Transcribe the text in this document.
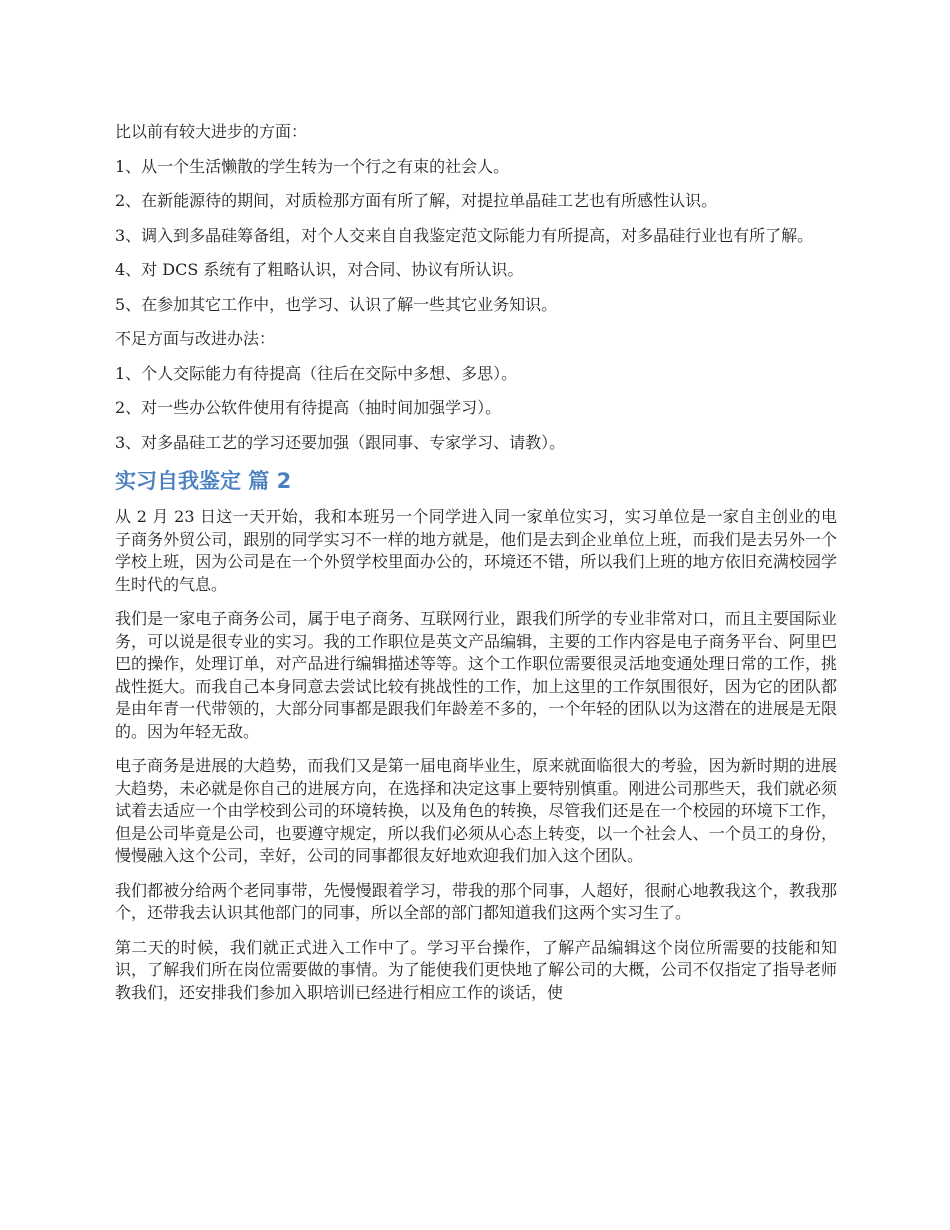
比以前有较大进步的方面：

1、从一个生活懒散的学生转为一个行之有束的社会人。

2、在新能源待的期间，对质检那方面有所了解，对提拉单晶硅工艺也有所感性认识。

3、调入到多晶硅筹备组，对个人交来自自我鉴定范文际能力有所提高，对多晶硅行业也有所了解。

4、对 DCS 系统有了粗略认识，对合同、协议有所认识。

5、在参加其它工作中，也学习、认识了解一些其它业务知识。

不足方面与改进办法：

1、个人交际能力有待提高（往后在交际中多想、多思）。

2、对一些办公软件使用有待提高（抽时间加强学习）。

3、对多晶硅工艺的学习还要加强（跟同事、专家学习、请教）。

实习自我鉴定 篇 2

从 2 月 23 日这一天开始，我和本班另一个同学进入同一家单位实习，实习单位是一家自主创业的电子商务外贸公司，跟别的同学实习不一样的地方就是，他们是去到企业单位上班，而我们是去另外一个学校上班，因为公司是在一个外贸学校里面办公的，环境还不错，所以我们上班的地方依旧充满校园学生时代的气息。

我们是一家电子商务公司，属于电子商务、互联网行业，跟我们所学的专业非常对口，而且主要国际业务，可以说是很专业的实习。我的工作职位是英文产品编辑，主要的工作内容是电子商务平台、阿里巴巴的操作，处理订单，对产品进行编辑描述等等。这个工作职位需要很灵活地变通处理日常的工作，挑战性挺大。而我自己本身同意去尝试比较有挑战性的工作，加上这里的工作氛围很好，因为它的团队都是由年青一代带领的，大部分同事都是跟我们年龄差不多的，一个年轻的团队以为这潜在的进展是无限的。因为年轻无敌。

电子商务是进展的大趋势，而我们又是第一届电商毕业生，原来就面临很大的考验，因为新时期的进展大趋势，未必就是你自己的进展方向，在选择和决定这事上要特别慎重。刚进公司那些天，我们就必须试着去适应一个由学校到公司的环境转换，以及角色的转换，尽管我们还是在一个校园的环境下工作，但是公司毕竟是公司，也要遵守规定，所以我们必须从心态上转变，以一个社会人、一个员工的身份，慢慢融入这个公司，幸好，公司的同事都很友好地欢迎我们加入这个团队。

我们都被分给两个老同事带，先慢慢跟着学习，带我的那个同事，人超好，很耐心地教我这个，教我那个，还带我去认识其他部门的同事，所以全部的部门都知道我们这两个实习生了。

第二天的时候，我们就正式进入工作中了。学习平台操作，了解产品编辑这个岗位所需要的技能和知识，了解我们所在岗位需要做的事情。为了能使我们更快地了解公司的大概，公司不仅指定了指导老师教我们，还安排我们参加入职培训已经进行相应工作的谈话，使
